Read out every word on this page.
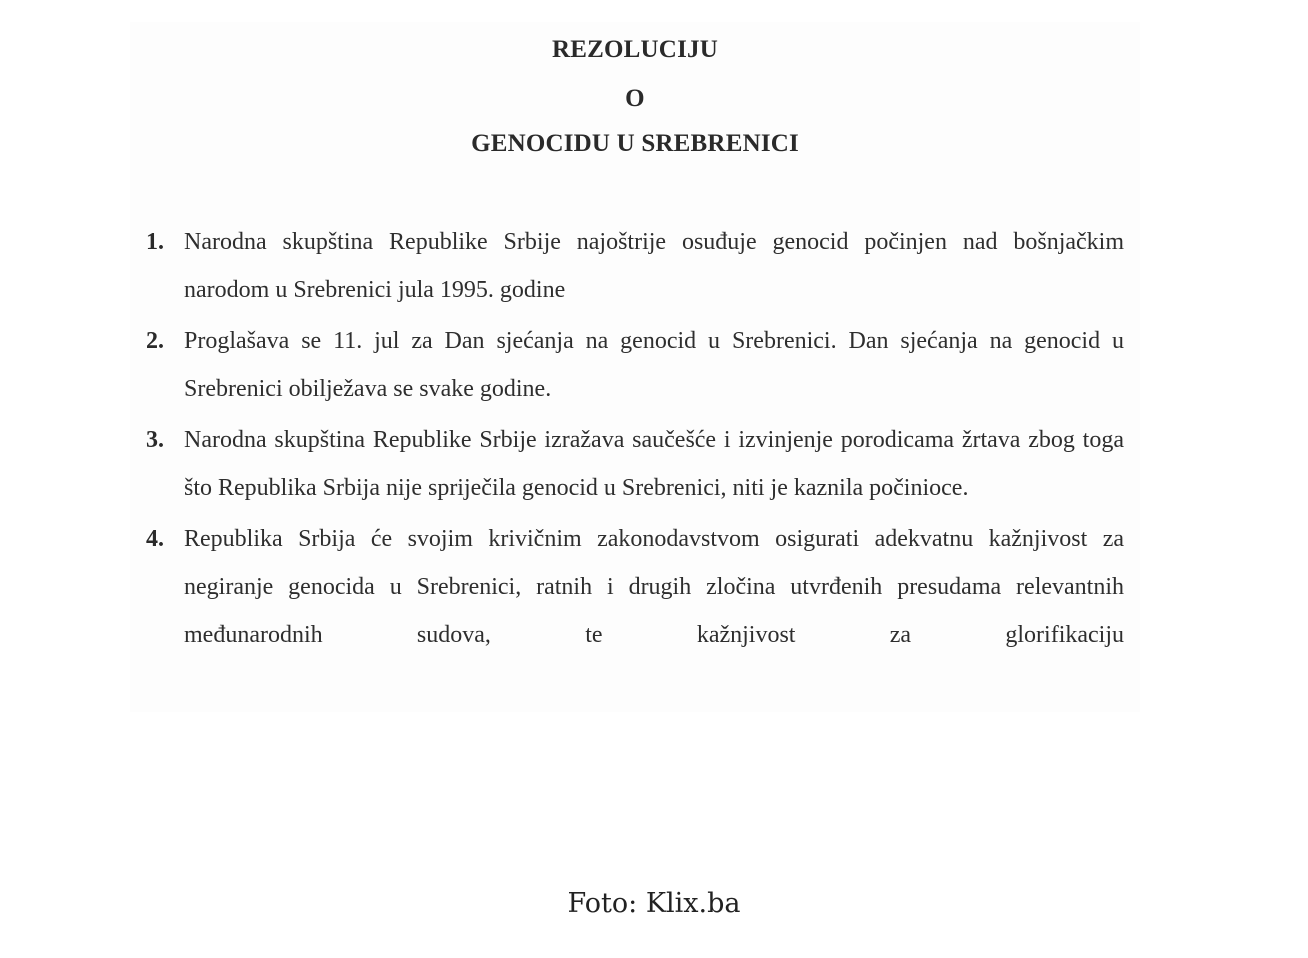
REZOLUCIJU
O
GENOCIDU U SREBRENICI
1. Narodna skupština Republike Srbije najoštrije osuđuje genocid počinjen nad bošnjačkim narodom u Srebrenici jula 1995. godine
2. Proglašava se 11. jul za Dan sjećanja na genocid u Srebrenici. Dan sjećanja na genocid u Srebrenici obilježava se svake godine.
3. Narodna skupština Republike Srbije izražava saučešće i izvinjenje porodicama žrtava zbog toga što Republika Srbija nije spriječila genocid u Srebrenici, niti je kaznila počinioce.
4. Republika Srbija će svojim krivičnim zakonodavstvom osigurati adekvatnu kažnjivost za negiranje genocida u Srebrenici, ratnih i drugih zločina utvrđenih presudama relevantnih međunarodnih sudova, te kažnjivost za glorifikaciju
Foto: Klix.ba
